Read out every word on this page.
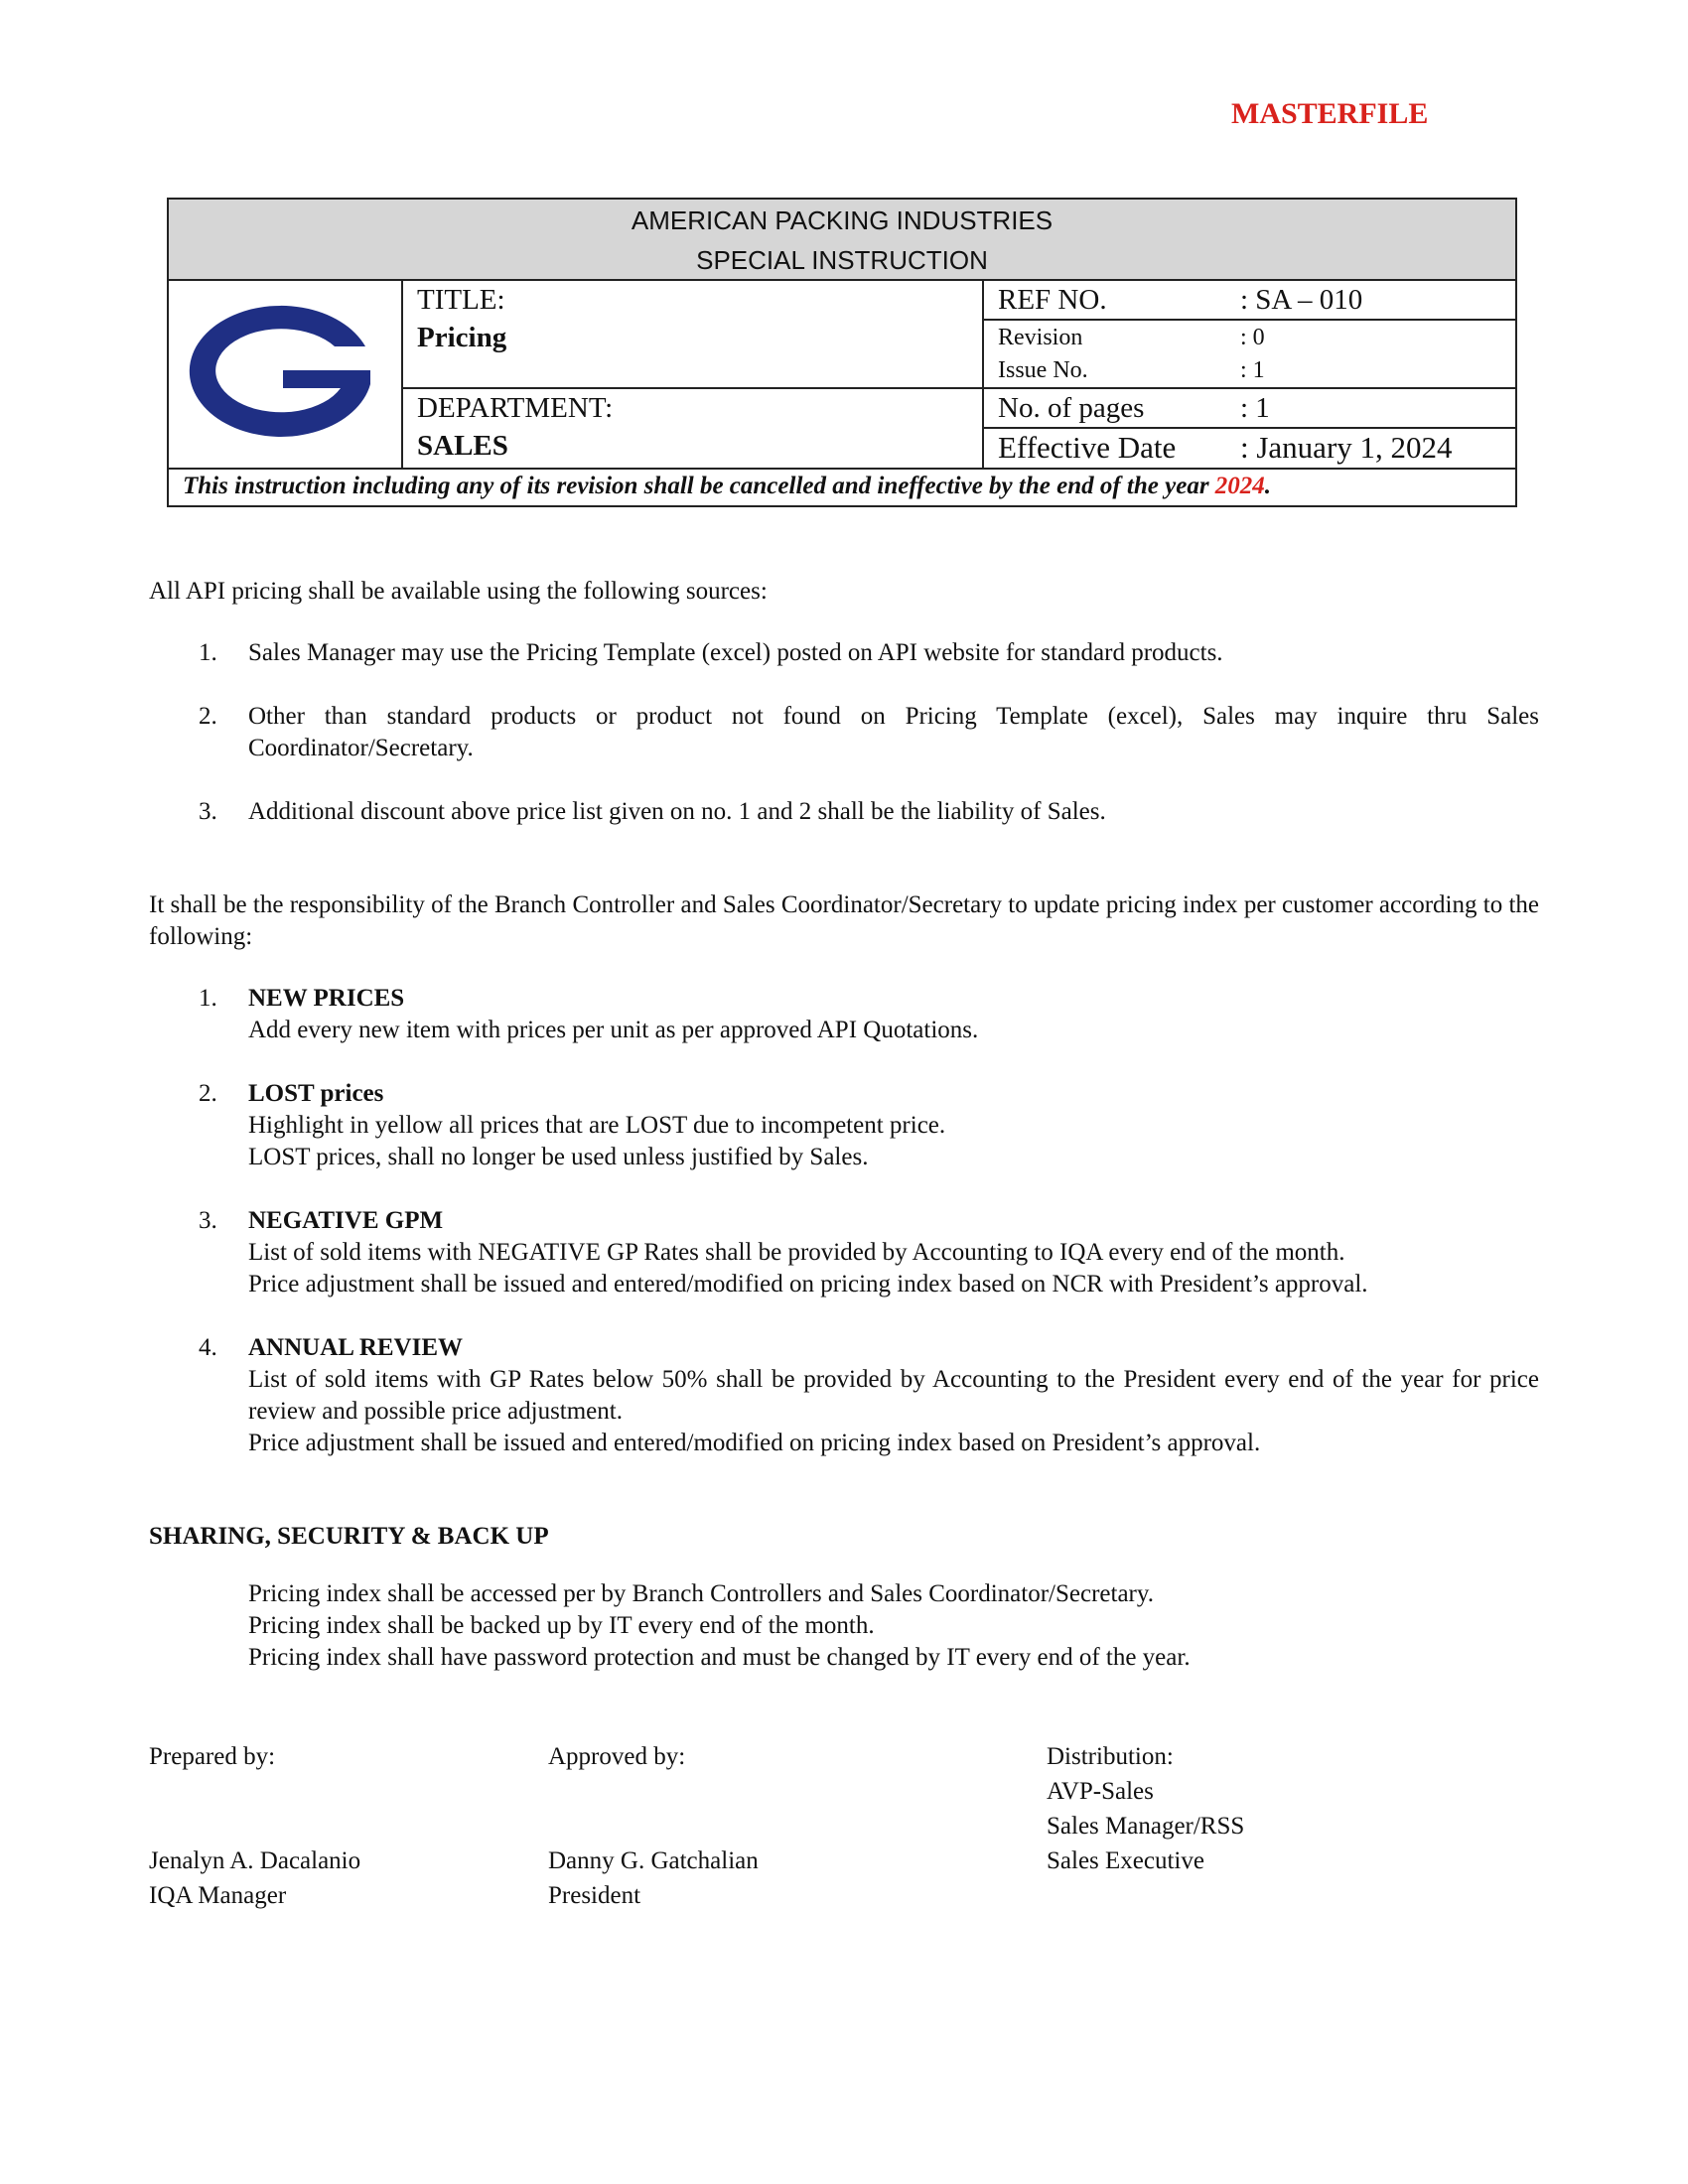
MASTERFILE
AMERICAN PACKING INDUSTRIES
SPECIAL INSTRUCTION
API
TITLE:
Pricing
DEPARTMENT:
SALES
REF NO.	: SA – 010
Revision	: 0
Issue No.	: 1
No. of pages	: 1
Effective Date	: January 1, 2024
This instruction including any of its revision shall be cancelled and ineffective by the end of the year 2024.

All API pricing shall be available using the following sources:

1.	Sales Manager may use the Pricing Template (excel) posted on API website for standard products.
2.	Other than standard products or product not found on Pricing Template (excel), Sales may inquire thru Sales Coordinator/Secretary.
3.	Additional discount above price list given on no. 1 and 2 shall be the liability of Sales.

It shall be the responsibility of the Branch Controller and Sales Coordinator/Secretary to update pricing index per customer according to the following:

1.	NEW PRICES
Add every new item with prices per unit as per approved API Quotations.
2.	LOST prices
Highlight in yellow all prices that are LOST due to incompetent price.
LOST prices, shall no longer be used unless justified by Sales.
3.	NEGATIVE GPM
List of sold items with NEGATIVE GP Rates shall be provided by Accounting to IQA every end of the month.
Price adjustment shall be issued and entered/modified on pricing index based on NCR with President’s approval.
4.	ANNUAL REVIEW
List of sold items with GP Rates below 50% shall be provided by Accounting to the President every end of the year for price review and possible price adjustment.
Price adjustment shall be issued and entered/modified on pricing index based on President’s approval.
SHARING, SECURITY & BACK UP
Pricing index shall be accessed per by Branch Controllers and Sales Coordinator/Secretary.
Pricing index shall be backed up by IT every end of the month.
Pricing index shall have password protection and must be changed by IT every end of the year.
Prepared by:
Jenalyn A. Dacalanio
IQA Manager
Approved by:
Danny G. Gatchalian
President
Distribution:
AVP-Sales
Sales Manager/RSS
Sales Executive
